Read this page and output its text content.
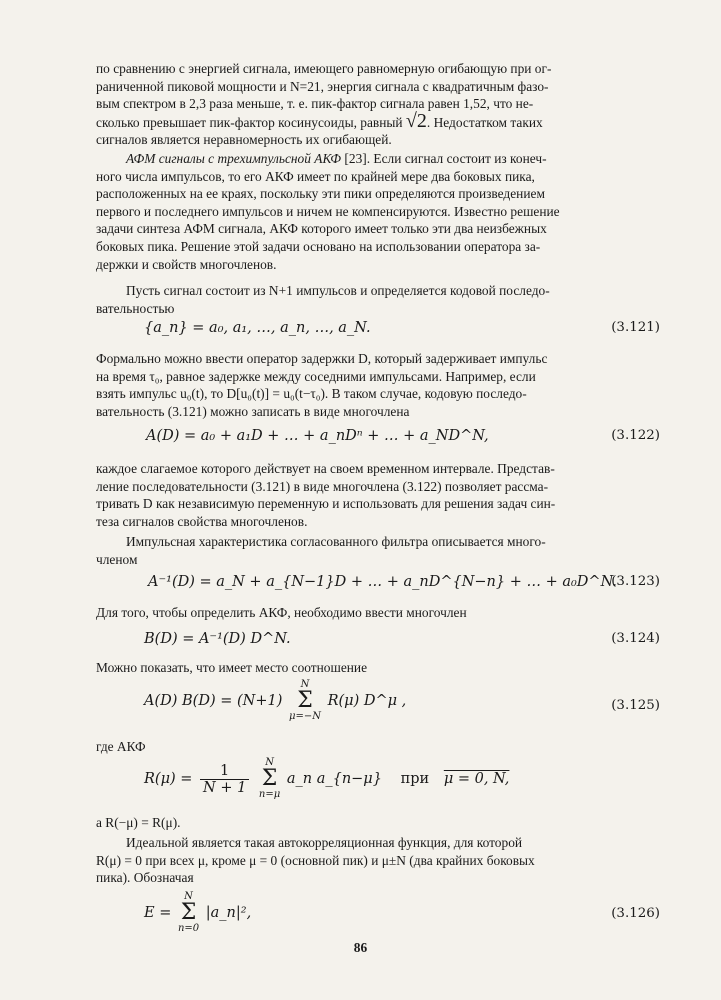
по сравнению с энергией сигнала, имеющего равномерную огибающую при ог-

раниченной пиковой мощности и N=21, энергия сигнала с квадратичным фазо-

вым спектром в 2,3 раза меньше, т. е. пик-фактор сигнала равен 1,52, что не-

сколько превышает пик-фактор косинусоиды, равный √2. Недостатком таких

сигналов является неравномерность их огибающей.

АФМ сигналы с трехимпульсной АКФ [23]. Если сигнал состоит из конеч-

ного числа импульсов, то его АКФ имеет по крайней мере два боковых пика,

расположенных на ее краях, поскольку эти пики определяются произведением

первого и последнего импульсов и ничем не компенсируются. Известно решение

задачи синтеза АФМ сигнала, АКФ которого имеет только эти два неизбежных

боковых пика. Решение этой задачи основано на использовании оператора за-

держки и свойств многочленов.

Пусть сигнал состоит из N+1 импульсов и определяется кодовой последо-

вательностью

{a_n} = a₀, a₁, …, a_n, …, a_N.	(3.121)

Формально можно ввести оператор задержки D, который задерживает импульс

на время τ₀, равное задержке между соседними импульсами. Например, если

взять импульс u₀(t), то D[u₀(t)] = u₀(t−τ₀). В таком случае, кодовую последо-

вательность (3.121) можно записать в виде многочлена

A(D) = a₀ + a₁D + … + a_nDⁿ + … + a_ND^N,	(3.122)

каждое слагаемое которого действует на своем временном интервале. Представ-

ление последовательности (3.121) в виде многочлена (3.122) позволяет рассма-

тривать D как независимую переменную и использовать для решения задач син-

теза сигналов свойства многочленов.

Импульсная характеристика согласованного фильтра описывается много-

членом

A⁻¹(D) = a_N + a_{N−1}D + … + a_nD^{N−n} + … + a₀D^N.
(3.123)

Для того, чтобы определить АКФ, необходимо ввести многочлен

B(D) = A⁻¹(D) D^N.	(3.124)

Можно показать, что имеет место соотношение

A(D) B(D) = (N+1)
N
Σ
μ=−N
R(μ) D^μ ,	(3.125)

где АКФ

$R(\mu) = \frac{1}{N + 1}$
	N
Σ
n=μ
a_n a_{n−μ} при μ = 0, N,

а R(−μ) = R(μ).

Идеальной является такая автокорреляционная функция, для которой

R(μ) = 0 при всех μ, кроме μ = 0 (основной пик) и μ±N (два крайних боковых

пика). Обозначая

E =
N
Σ
n=0
|a_n|²,	(3.126)
86
